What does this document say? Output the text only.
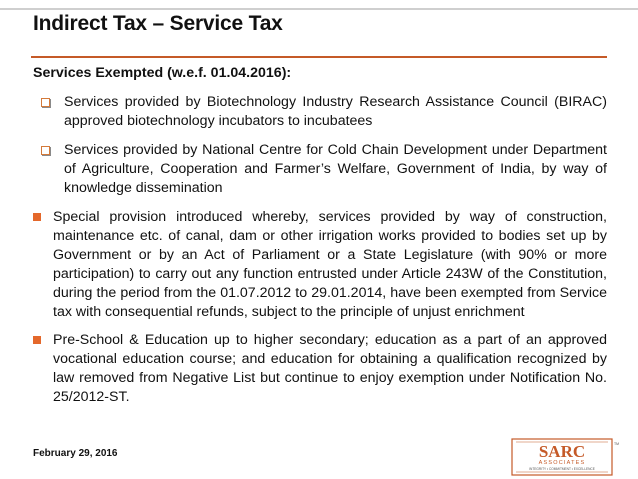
Indirect Tax – Service Tax
Services Exempted (w.e.f. 01.04.2016):
Services provided by Biotechnology Industry Research Assistance Council (BIRAC) approved biotechnology incubators to incubatees
Services provided by National Centre for Cold Chain Development under Department of Agriculture, Cooperation and Farmer’s Welfare, Government of India, by way of knowledge dissemination
Special provision introduced whereby, services provided by way of construction, maintenance etc. of canal, dam or other irrigation works provided to bodies set up by Government or by an Act of Parliament or a State Legislature (with 90% or more participation) to carry out any function entrusted under Article 243W of the Constitution, during the period from the 01.07.2012 to 29.01.2014, have been exempted from Service tax with consequential refunds, subject to the principle of unjust enrichment
Pre-School & Education up to higher secondary; education as a part of an approved vocational education course; and education for obtaining a qualification recognized by law removed from Negative List but continue to enjoy exemption under Notification No. 25/2012-ST.
February 29, 2016	SARC
ASSOCIATES
INTEGRITY • COMMITMENT • EXCELLENCE
TM
